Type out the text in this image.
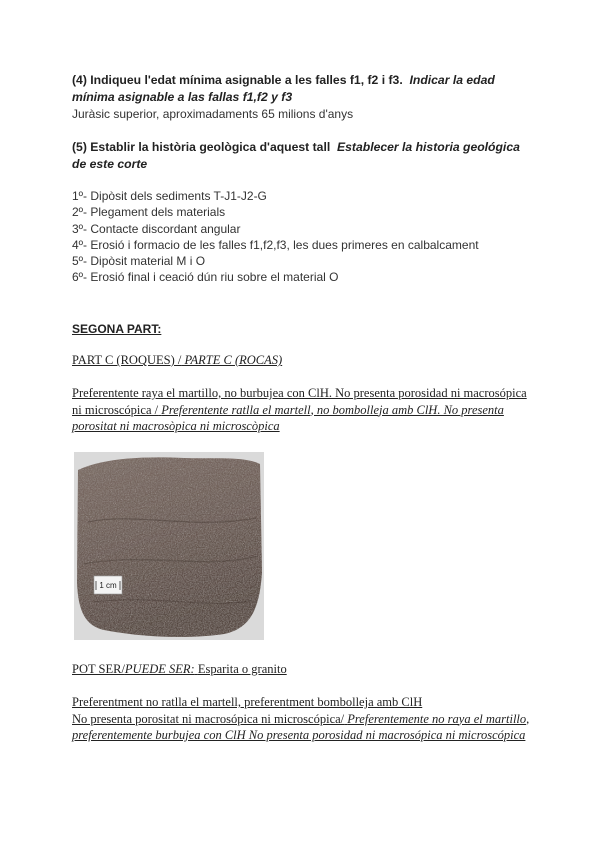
(4) Indiqueu l'edat mínima asignable a les falles f1, f2 i f3. Indicar la edad
mínima asignable a las fallas f1,f2 y f3
Juràsic superior, aproximadaments 65 milions d'anys
(5) Establir la història geològica d'aquest tall Establecer la historia geológica
de este corte
1º- Dipòsit dels sediments T-J1-J2-G
2º- Plegament dels materials
3º- Contacte discordant angular
4º- Erosió i formacio de les falles f1,f2,f3, les dues primeres en calbalcament
5º- Dipòsit material M i O
6º- Erosió final i ceació dún riu sobre el material O
SEGONA PART:
PART C (ROQUES) / PARTE C (ROCAS)
Preferentente raya el martillo, no burbujea con ClH. No presenta porosidad ni macrosópica
ni microscópica / Preferentente ratlla el martell, no bombolleja amb ClH. No presenta
porositat ni macrosòpica ni microscòpica
1 cm
POT SER/PUEDE SER: Esparita o granito
Preferentment no ratlla el martell, preferentment bombolleja amb ClH
No presenta porositat ni macrosópica ni microscópica/ Preferentemente no raya el martillo,
preferentemente burbujea con ClH No presenta porosidad ni macrosópica ni microscópica
